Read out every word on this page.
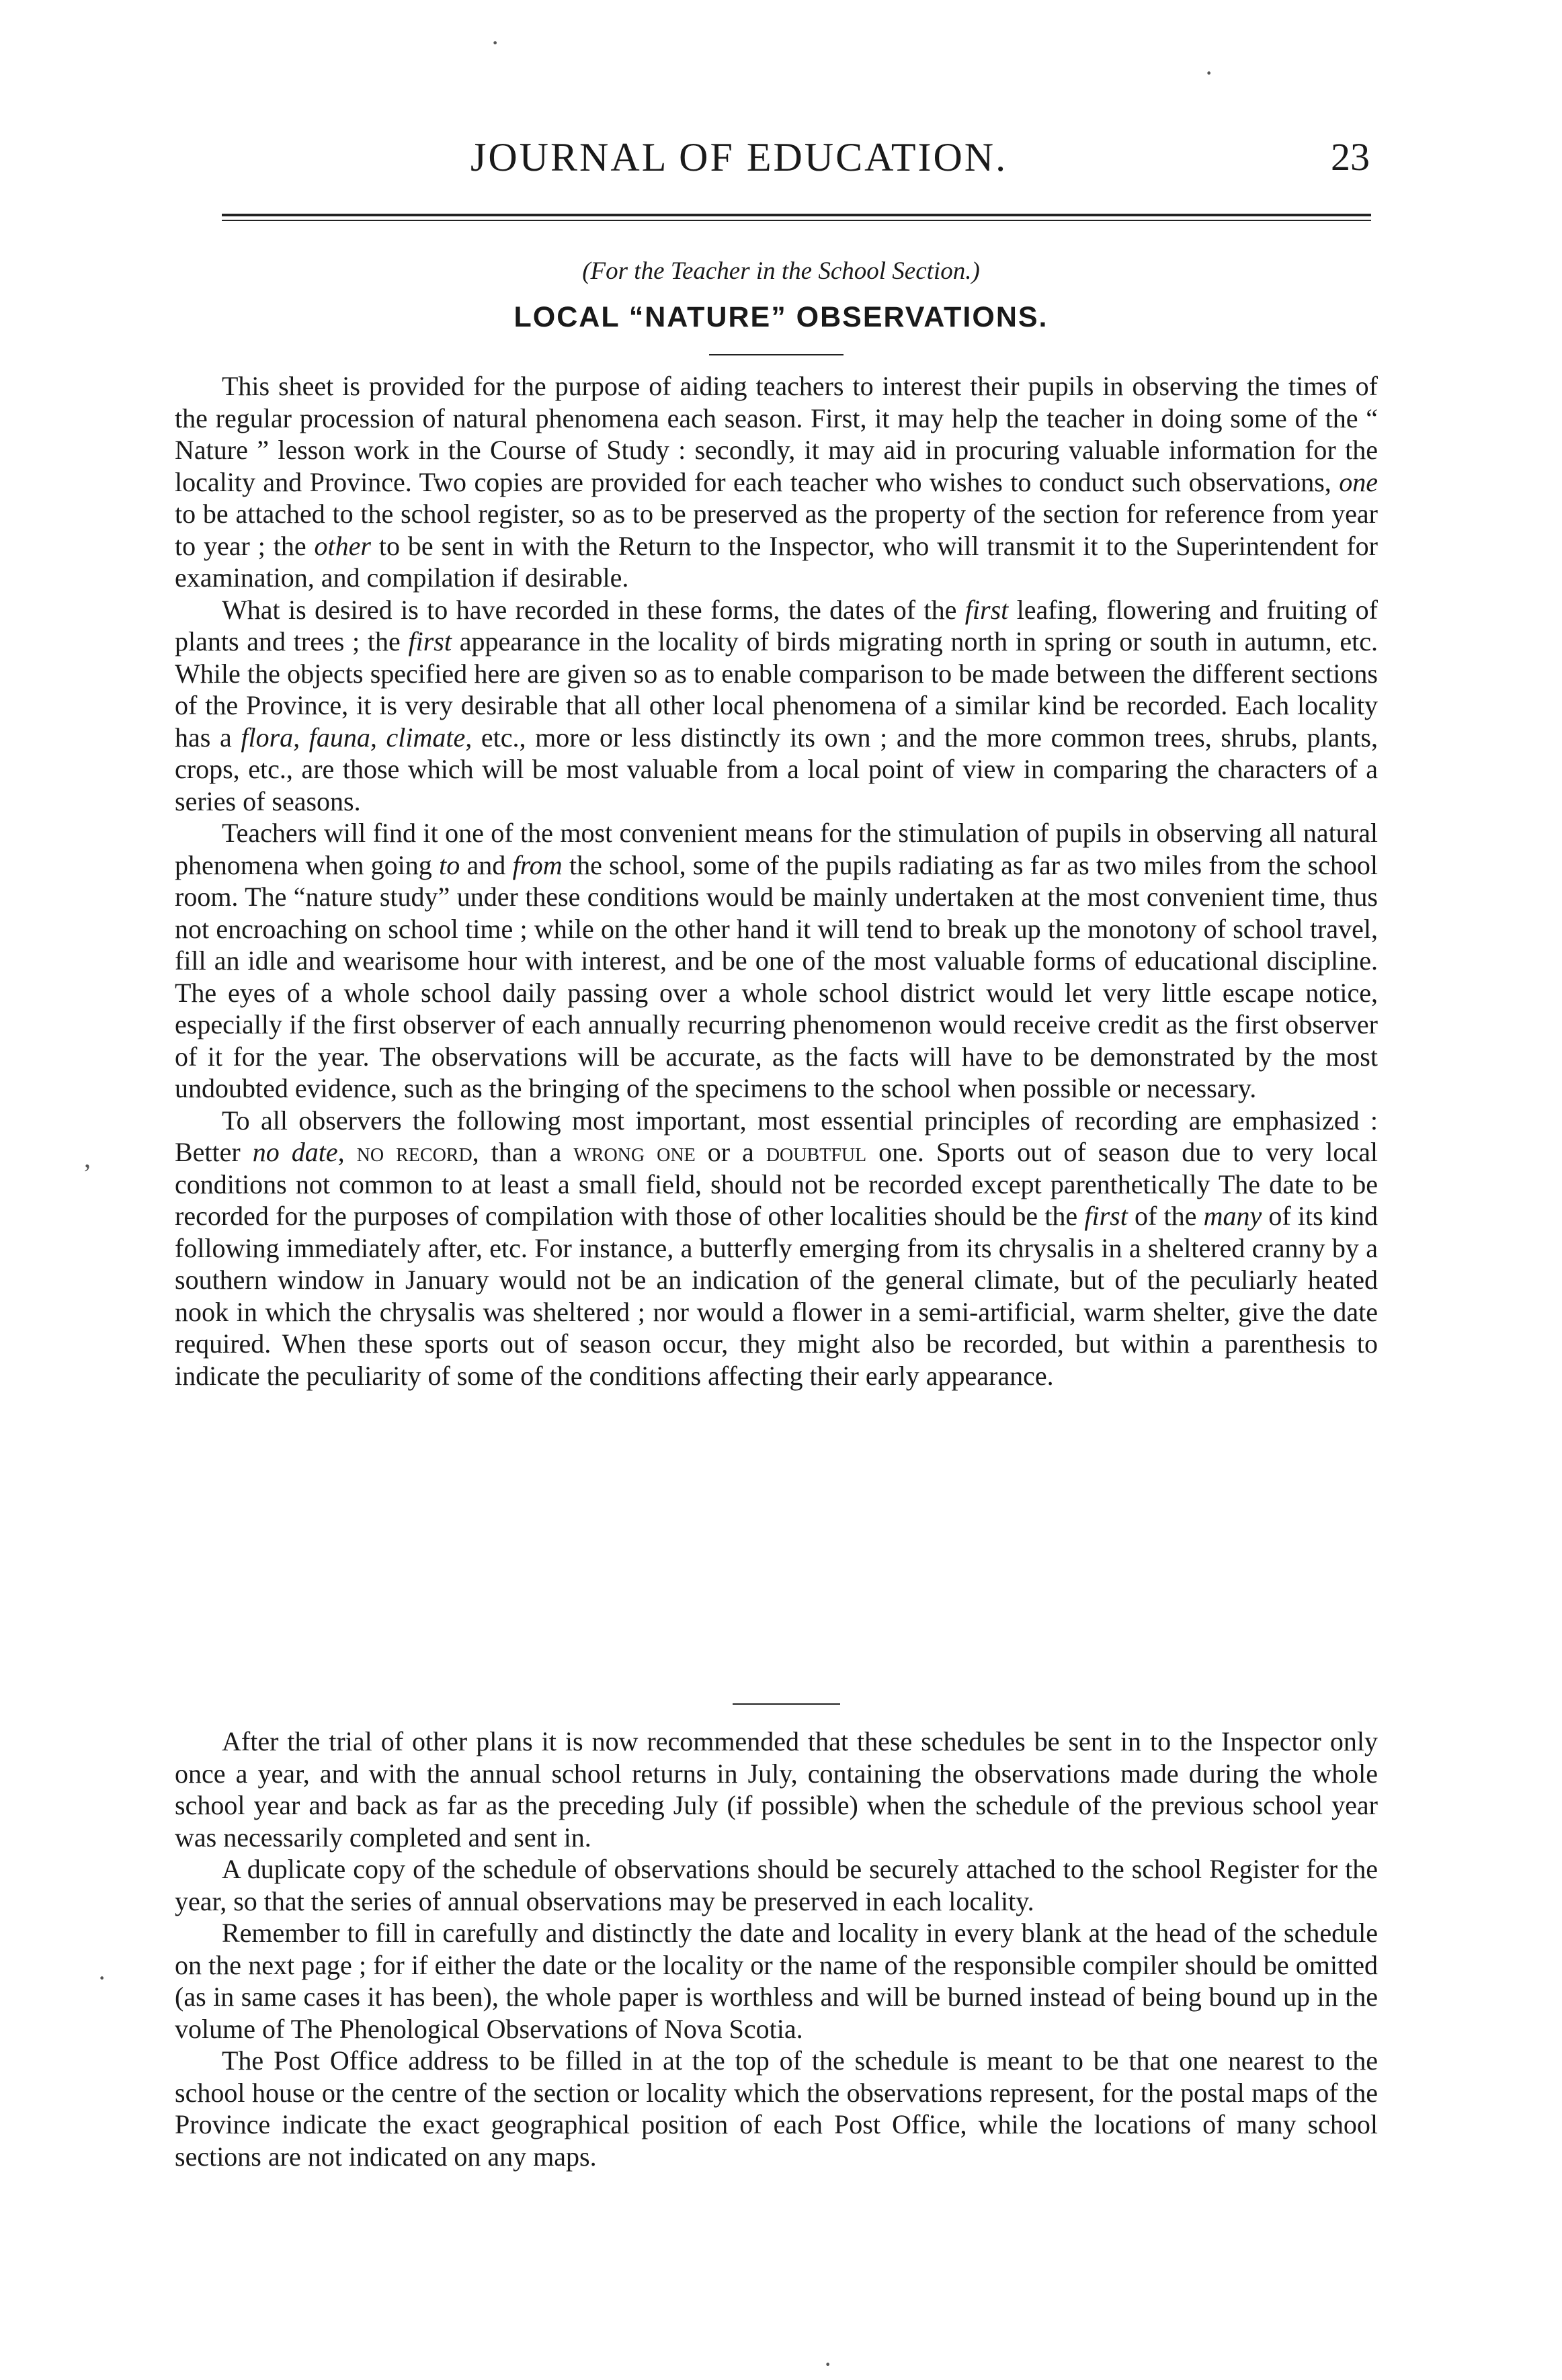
JOURNAL OF EDUCATION.	23
(For the Teacher in the School Section.)
LOCAL “NATURE” OBSERVATIONS.

This sheet is provided for the purpose of aiding teachers to interest their pupils in observing the times of the regular procession of natural phenomena each season. First, it may help the teacher in doing some of the “ Nature ” lesson work in the Course of Study : secondly, it may aid in procuring valuable information for the locality and Province. Two copies are provided for each teacher who wishes to conduct such observations, one to be attached to the school register, so as to be preserved as the property of the section for reference from year to year ; the other to be sent in with the Return to the Inspector, who will transmit it to the Superintendent for examination, and compilation if desirable.

What is desired is to have recorded in these forms, the dates of the first leafing, flowering and fruiting of plants and trees ; the first appearance in the locality of birds migrating north in spring or south in autumn, etc. While the objects specified here are given so as to enable comparison to be made between the different sections of the Province, it is very desirable that all other local phenomena of a similar kind be recorded. Each locality has a flora, fauna, climate, etc., more or less distinctly its own ; and the more common trees, shrubs, plants, crops, etc., are those which will be most valuable from a local point of view in comparing the characters of a series of seasons.

Teachers will find it one of the most convenient means for the stimulation of pupils in observing all natural phenomena when going to and from the school, some of the pupils radiating as far as two miles from the school room. The “nature study” under these conditions would be mainly undertaken at the most convenient time, thus not encroaching on school time ; while on the other hand it will tend to break up the monotony of school travel, fill an idle and wearisome hour with interest, and be one of the most valuable forms of educational discipline. The eyes of a whole school daily passing over a whole school district would let very little escape notice, especially if the first observer of each annually recurring phenomenon would receive credit as the first observer of it for the year. The observations will be accurate, as the facts will have to be demonstrated by the most undoubted evidence, such as the bringing of the specimens to the school when possible or necessary.

To all observers the following most important, most essential principles of recording are emphasized : Better no date, no record, than a wrong one or a doubtful one. Sports out of season due to very local conditions not common to at least a small field, should not be recorded except parenthetically The date to be recorded for the purposes of compilation with those of other localities should be the first of the many of its kind following immediately after, etc. For instance, a butterfly emerging from its chrysalis in a sheltered cranny by a southern window in January would not be an indication of the general climate, but of the peculiarly heated nook in which the chrysalis was sheltered ; nor would a flower in a semi-artificial, warm shelter, give the date required. When these sports out of season occur, they might also be recorded, but within a parenthesis to indicate the peculiarity of some of the conditions affecting their early appearance.

After the trial of other plans it is now recommended that these schedules be sent in to the Inspector only once a year, and with the annual school returns in July, containing the observations made during the whole school year and back as far as the preceding July (if possible) when the schedule of the previous school year was necessarily completed and sent in.

A duplicate copy of the schedule of observations should be securely attached to the school Register for the year, so that the series of annual observations may be preserved in each locality.

Remember to fill in carefully and distinctly the date and locality in every blank at the head of the schedule on the next page ; for if either the date or the locality or the name of the responsible compiler should be omitted (as in same cases it has been), the whole paper is worthless and will be burned instead of being bound up in the volume of The Phenological Observations of Nova Scotia.

The Post Office address to be filled in at the top of the schedule is meant to be that one nearest to the school house or the centre of the section or locality which the observations represent, for the postal maps of the Province indicate the exact geographical position of each Post Office, while the locations of many school sections are not indicated on any maps.

·
·
,
·
·
